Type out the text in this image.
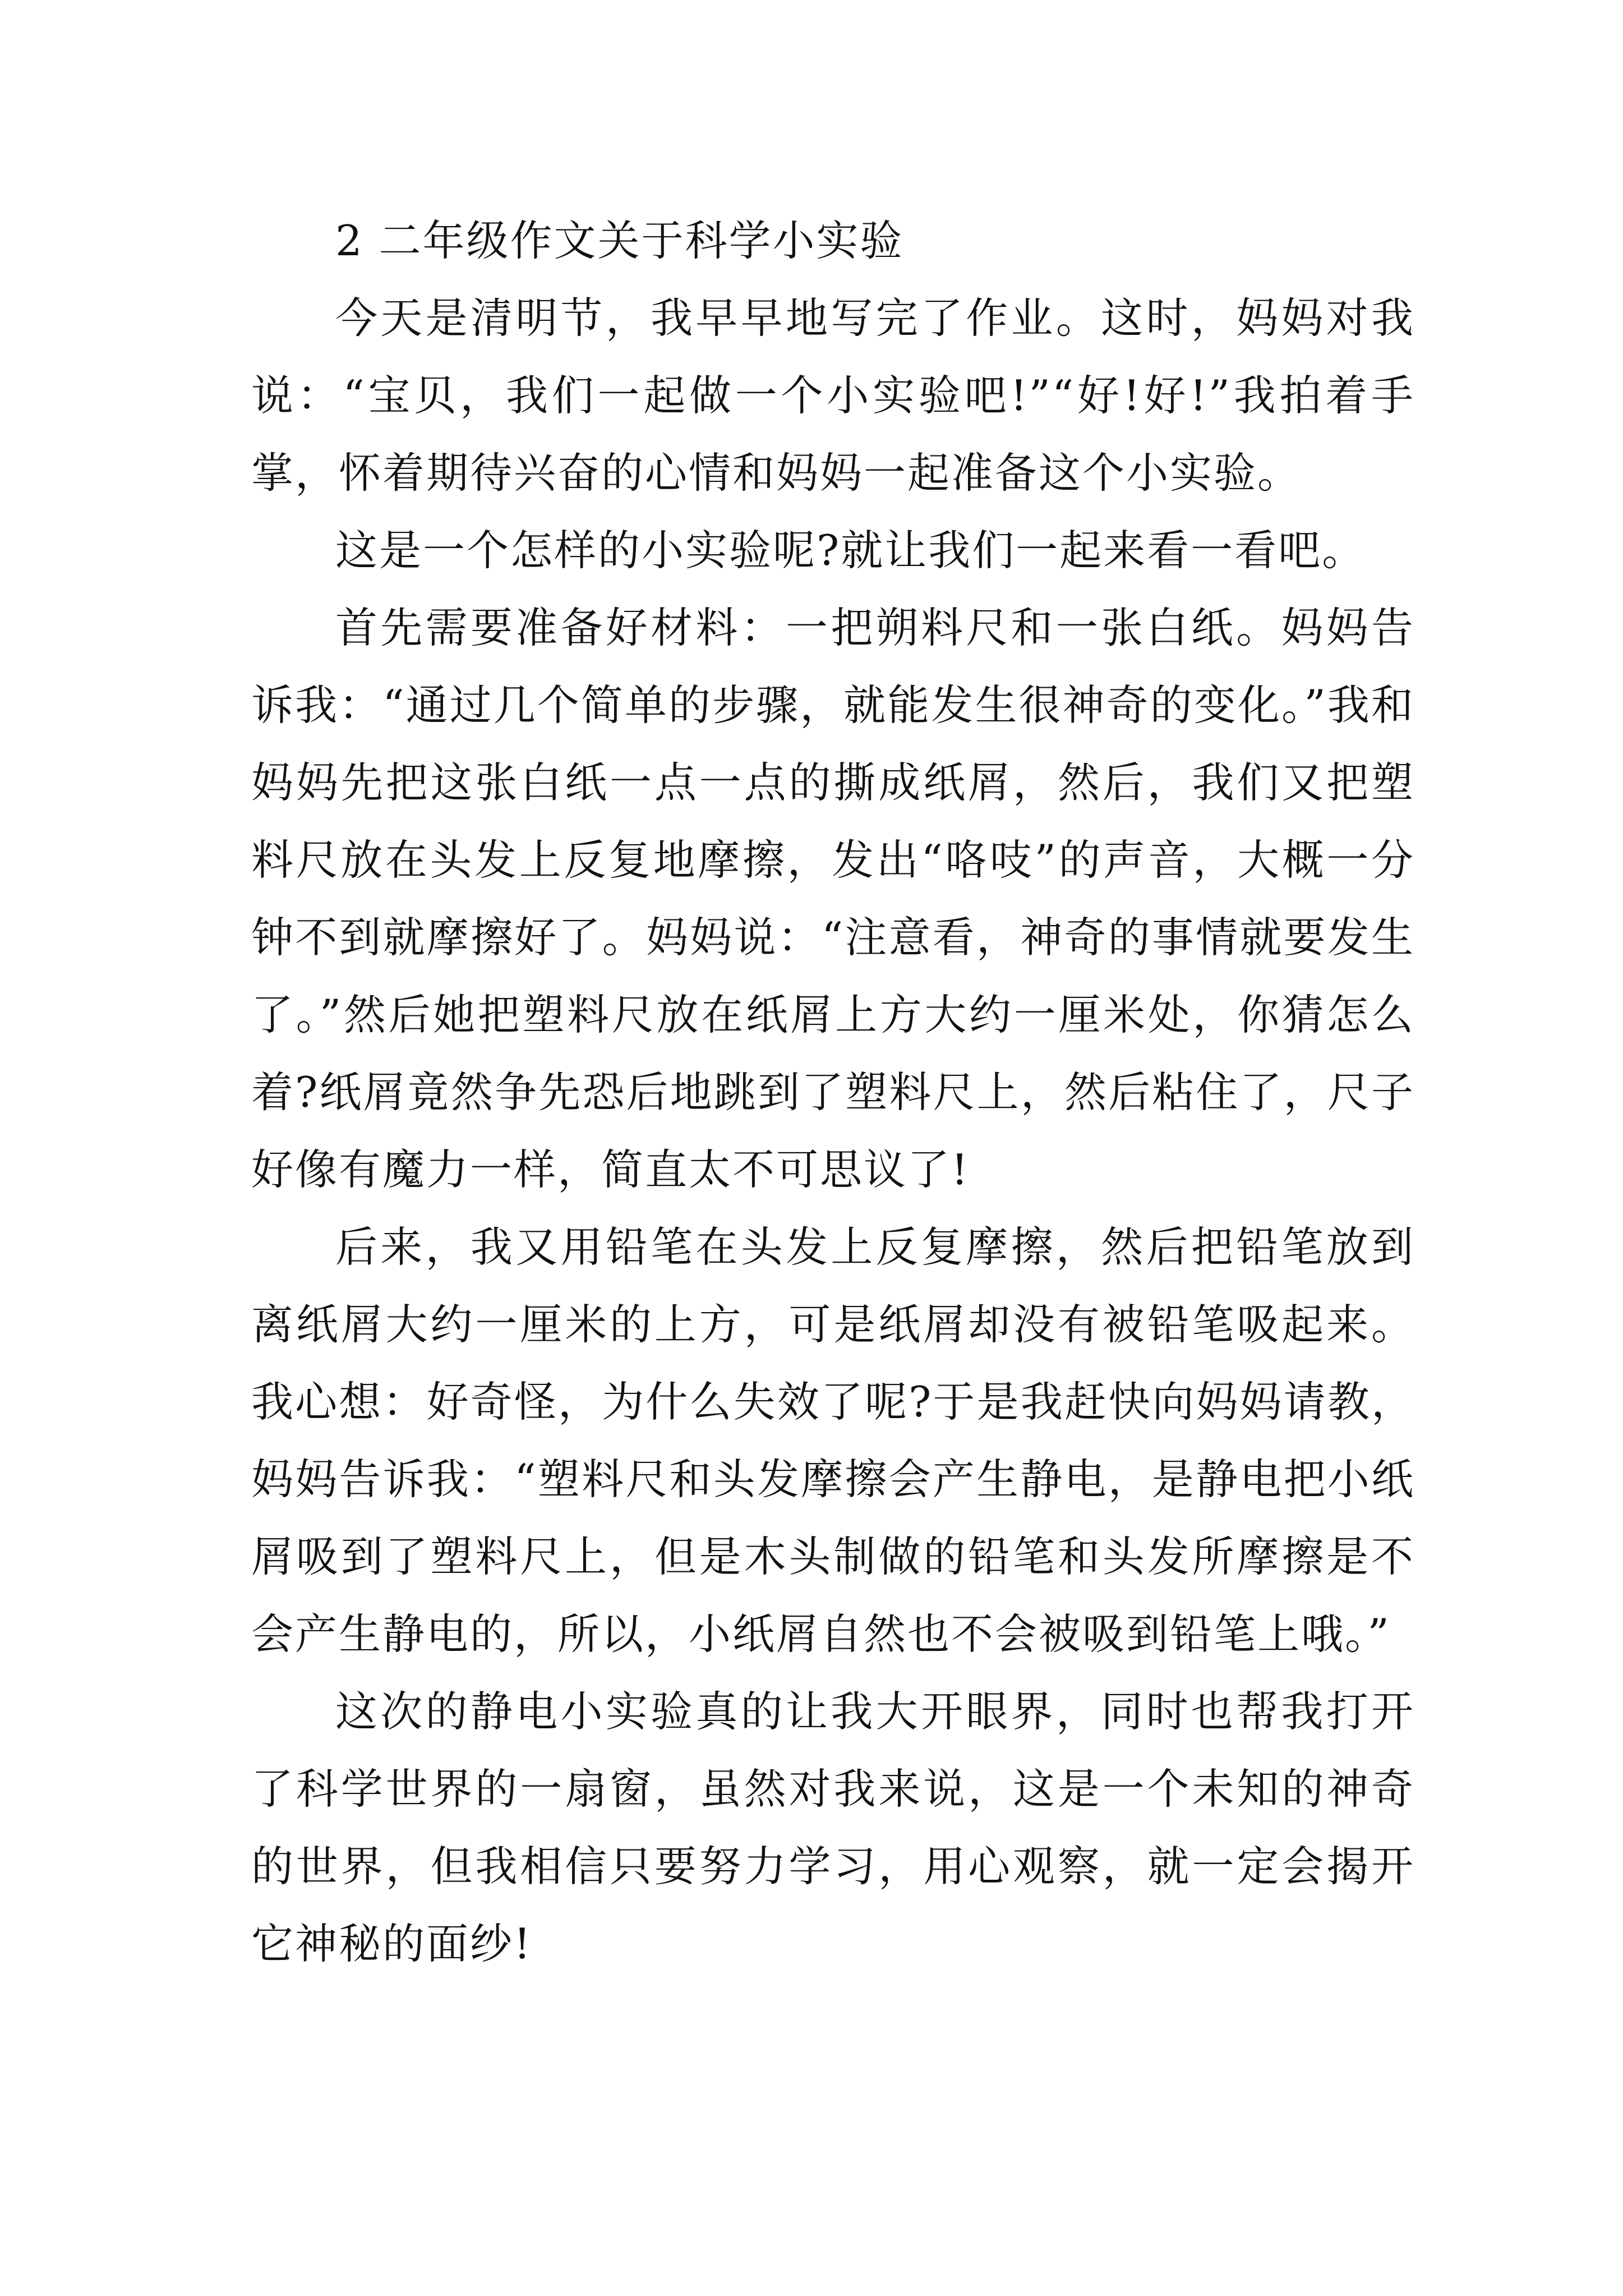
2 二年级作文关于科学小实验

今天是清明节，我早早地写完了作业。这时，妈妈对我说：“宝贝，我们一起做一个小实验吧!”“好!好!”我拍着手掌，怀着期待兴奋的心情和妈妈一起准备这个小实验。

这是一个怎样的小实验呢?就让我们一起来看一看吧。

首先需要准备好材料：一把朔料尺和一张白纸。妈妈告诉我：“通过几个简单的步骤，就能发生很神奇的变化。”我和妈妈先把这张白纸一点一点的撕成纸屑，然后，我们又把塑料尺放在头发上反复地摩擦，发出“咯吱”的声音，大概一分钟不到就摩擦好了。妈妈说：“注意看，神奇的事情就要发生了。”然后她把塑料尺放在纸屑上方大约一厘米处，你猜怎么着?纸屑竟然争先恐后地跳到了塑料尺上，然后粘住了，尺子好像有魔力一样，简直太不可思议了!

后来，我又用铅笔在头发上反复摩擦，然后把铅笔放到离纸屑大约一厘米的上方，可是纸屑却没有被铅笔吸起来。我心想：好奇怪，为什么失效了呢?于是我赶快向妈妈请教，妈妈告诉我：“塑料尺和头发摩擦会产生静电，是静电把小纸屑吸到了塑料尺上，但是木头制做的铅笔和头发所摩擦是不会产生静电的，所以，小纸屑自然也不会被吸到铅笔上哦。”

这次的静电小实验真的让我大开眼界，同时也帮我打开了科学世界的一扇窗，虽然对我来说，这是一个未知的神奇的世界，但我相信只要努力学习，用心观察，就一定会揭开它神秘的面纱!
